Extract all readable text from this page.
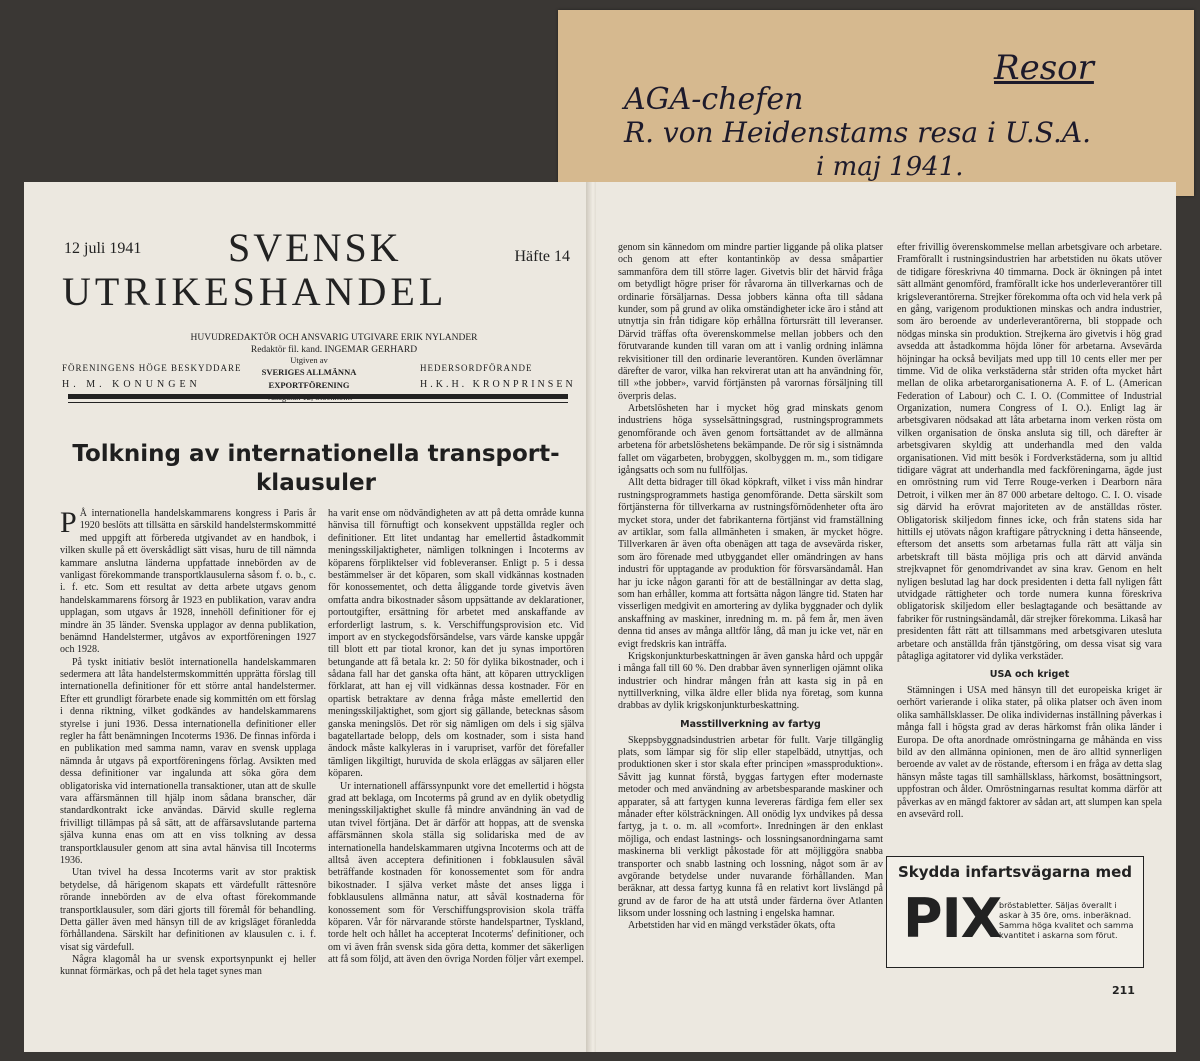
Resor
AGA-chefen
R. von Heidenstams resa i U.S.A.
i maj 1941.
12 juli 1941	Häfte 14
SVENSK
UTRIKESHANDEL
HUVUDREDAKTÖR OCH ANSVARIG UTGIVARE ERIK NYLANDER
Redaktör fil. kand. INGEMAR GERHARD
FÖRENINGENS HÖGE BESKYDDARE
H. M. KONUNGEN
Utgiven av
SVERIGES ALLMÄNNA EXPORTFÖRENING
HEDERSORDFÖRANDE
H.K.H. KRONPRINSEN
Tolkning av internationella transport-klausuler

P Å internationella handelskammarens kongress i Paris år 1920 beslöts att tillsätta en särskild handelstermskommitté med uppgift att förbereda utgivandet av en handbok, i vilken skulle på ett överskådligt sätt visas, huru de till nämnda kammare anslutna länderna uppfattade innebörden av de vanligast förekommande transportklausulerna såsom f. o. b., c. i. f. etc. Som ett resultat av detta arbete utgavs genom handelskammarens försorg år 1923 en publikation, varav andra upplagan, som utgavs år 1928, innehöll definitioner för ej mindre än 35 länder. Svenska upplagor av denna publikation, benämnd Handelstermer, utgåvos av exportföreningen 1927 och 1928.

På tyskt initiativ beslöt internationella handelskammaren sedermera att låta handelstermskommittén upprätta förslag till internationella definitioner för ett större antal handelstermer. Efter ett grundligt förarbete enade sig kommittén om ett förslag i denna riktning, vilket godkändes av handelskammarens styrelse i juni 1936. Dessa internationella definitioner eller regler ha fått benämningen Incoterms 1936. De finnas införda i en publikation med samma namn, varav en svensk upplaga nämnda år utgavs på exportföreningens förlag. Avsikten med dessa definitioner var ingalunda att söka göra dem obligatoriska vid internationella transaktioner, utan att de skulle vara affärsmännen till hjälp inom sådana branscher, där standardkontrakt icke användas. Därvid skulle reglerna frivilligt tillämpas på så sätt, att de affärsavslutande parterna själva kunna enas om att en viss tolkning av dessa transportklausuler genom att sina avtal hänvisa till Incoterms 1936.

Utan tvivel ha dessa Incoterms varit av stor praktisk betydelse, då härigenom skapats ett värdefullt rättesnöre rörande innebörden av de elva oftast förekommande transportklausuler, som däri gjorts till föremål för behandling. Detta gäller även med hänsyn till de av krigsläget föranledda förhållandena. Särskilt har definitionen av klausulen c. i. f. visat sig värdefull.

Några klagomål ha ur svensk exportsynpunkt ej heller kunnat förmärkas, och på det hela taget synes man

ha varit ense om nödvändigheten av att på detta område kunna hänvisa till förnuftigt och konsekvent uppställda regler och definitioner. Ett litet undantag har emellertid åstadkommit meningsskiljaktigheter, nämligen tolkningen i Incoterms av köparens förpliktelser vid fobleveranser. Enligt p. 5 i dessa bestämmelser är det köparen, som skall vidkännas kostnaden för konossementet, och detta åliggande torde givetvis även omfatta andra bikostnader såsom uppsättande av deklarationer, portoutgifter, ersättning för arbetet med anskaffande av erforderligt lastrum, s. k. Verschiffungsprovision etc. Vid import av en styckegodsförsändelse, vars värde kanske uppgår till blott ett par tiotal kronor, kan det ju synas importören betungande att få betala kr. 2: 50 för dylika bikostnader, och i sådana fall har det ganska ofta hänt, att köparen uttryckligen förklarat, att han ej vill vidkännas dessa kostnader. För en opartisk betraktare av denna fråga måste emellertid den meningsskiljaktighet, som gjort sig gällande, betecknas såsom ganska meningslös. Det rör sig nämligen om dels i sig själva bagatellartade belopp, dels om kostnader, som i sista hand ändock måste kalkyleras in i varupriset, varför det förefaller tämligen likgiltigt, huruvida de skola erläggas av säljaren eller köparen.

Ur internationell affärssynpunkt vore det emellertid i högsta grad att beklaga, om Incoterms på grund av en dylik obetydlig meningsskiljaktighet skulle få mindre användning än vad de utan tvivel förtjäna. Det är därför att hoppas, att de svenska affärsmännen skola ställa sig solidariska med de av internationella handelskammaren utgivna Incoterms och att de alltså även acceptera definitionen i fobklausulen såväl beträffande kostnaden för konossementet som för andra bikostnader. I själva verket måste det anses ligga i fobklausulens allmänna natur, att såväl kostnaderna för konossement som för Verschiffungsprovision skola träffa köparen. Vår för närvarande störste handelspartner, Tyskland, torde helt och hållet ha accepterat Incoterms' definitioner, och om vi även från svensk sida göra detta, kommer det säkerligen att få som följd, att även den övriga Norden följer vårt exempel.

genom sin kännedom om mindre partier liggande på olika platser och genom att efter kontantinköp av dessa småpartier sammanföra dem till större lager. Givetvis blir det härvid fråga om betydligt högre priser för råvarorna än tillverkarnas och de ordinarie försäljarnas. Dessa jobbers känna ofta till sådana kunder, som på grund av olika omständigheter icke äro i stånd att utnyttja sin från tidigare köp erhållna förtursrätt till leveranser. Därvid träffas ofta överenskommelse mellan jobbers och den förutvarande kunden till varan om att i vanlig ordning inlämna rekvisitioner till den ordinarie leverantören. Kunden överlämnar därefter de varor, vilka han rekvirerat utan att ha användning för, till »the jobber», varvid förtjänsten på varornas försäljning till överpris delas.

Arbetslösheten har i mycket hög grad minskats genom industriens höga sysselsättningsgrad, rustningsprogrammets genomförande och även genom fortsättandet av de allmänna arbetena för arbetslöshetens bekämpande. De rör sig i sistnämnda fallet om vägarbeten, brobyggen, skolbyggen m. m., som tidigare igångsatts och som nu fullföljas.

Allt detta bidrager till ökad köpkraft, vilket i viss mån hindrar rustningsprogrammets hastiga genomförande. Detta särskilt som förtjänsterna för tillverkarna av rustningsförnödenheter ofta äro mycket stora, under det fabrikanterna förtjänst vid framställning av artiklar, som falla allmänheten i smaken, är mycket högre. Tillverkaren är även ofta obenägen att taga de avsevärda risker, som äro förenade med utbyggandet eller omändringen av hans industri för upptagande av produktion för försvarsändamål. Han har ju icke någon garanti för att de beställningar av detta slag, som han erhåller, komma att fortsätta någon längre tid. Staten har visserligen medgivit en amortering av dylika byggnader och dylik anskaffning av maskiner, inredning m. m. på fem år, men även denna tid anses av många alltför lång, då man ju icke vet, när en evigt fredskris kan inträffa.

Krigskonjunkturbeskattningen är även ganska hård och uppgår i många fall till 60 %. Den drabbar även synnerligen ojämnt olika industrier och hindrar mången från att kasta sig in på en nyttillverkning, vilka äldre eller blida nya företag, som kunna drabbas av dylik krigskonjunkturbeskattning.

Masstillverkning av fartyg

Skeppsbyggnadsindustrien arbetar för fullt. Varje tillgänglig plats, som lämpar sig för slip eller stapelbädd, utnyttjas, och produktionen sker i stor skala efter principen »massproduktion». Såvitt jag kunnat förstå, byggas fartygen efter modernaste metoder och med användning av arbetsbesparande maskiner och apparater, så att fartygen kunna levereras färdiga fem eller sex månader efter kölsträckningen. All onödig lyx undvikes på dessa fartyg, ja t. o. m. all »comfort». Inredningen är den enklast möjliga, och endast lastnings- och lossningsanordningarna samt maskinerna bli verkligt påkostade för att möjliggöra snabba transporter och snabb lastning och lossning, något som är av avgörande betydelse under nuvarande förhållanden. Man beräknar, att dessa fartyg kunna få en relativt kort livslängd på grund av de faror de ha att utstå under färderna över Atlanten liksom under lossning och lastning i engelska hamnar.

Arbetstiden har vid en mängd verkstäder ökats, ofta

efter frivillig överenskommelse mellan arbetsgivare och arbetare. Framförallt i rustningsindustrien har arbetstiden nu ökats utöver de tidigare föreskrivna 40 timmarna. Dock är ökningen på intet sätt allmänt genomförd, framförallt icke hos underleverantörer till krigsleverantörerna. Strejker förekomma ofta och vid hela verk på en gång, varigenom produktionen minskas och andra industrier, som äro beroende av underleverantörerna, bli stoppade och nödgas minska sin produktion. Strejkerna äro givetvis i hög grad avsedda att åstadkomma höjda löner för arbetarna. Avsevärda höjningar ha också beviljats med upp till 10 cents eller mer per timme. Vid de olika verkstäderna står striden ofta mycket hårt mellan de olika arbetarorganisationerna A. F. of L. (American Federation of Labour) och C. I. O. (Committee of Industrial Organization, numera Congress of I. O.). Enligt lag är arbetsgivaren nödsakad att låta arbetarna inom verken rösta om vilken organisation de önska ansluta sig till, och därefter är arbetsgivaren skyldig att underhandla med den valda organisationen. Vid mitt besök i Fordverkstäderna, som ju alltid tidigare vägrat att underhandla med fackföreningarna, ägde just en omröstning rum vid Terre Rouge-verken i Dearborn nära Detroit, i vilken mer än 87 000 arbetare deltogo. C. I. O. visade sig därvid ha erövrat majoriteten av de anställdas röster. Obligatorisk skiljedom finnes icke, och från statens sida har hittills ej utövats någon kraftigare påtryckning i detta hänseende, eftersom det ansetts som arbetarnas fulla rätt att välja sin arbetskraft till bästa möjliga pris och att därvid använda strejkvapnet för genomdrivandet av sina krav. Genom en helt nyligen beslutad lag har dock presidenten i detta fall nyligen fått utvidgade rättigheter och torde numera kunna föreskriva obligatorisk skiljedom eller beslagtagande och besättande av fabriker för rustningsändamål, där strejker förekomma. Likaså har presidenten fått rätt att tillsammans med arbetsgivaren utesluta arbetare och anställda från tjänstgöring, om dessa visat sig vara påtagliga agitatorer vid dylika verkstäder.

USA och kriget

Stämningen i USA med hänsyn till det europeiska kriget är oerhört varierande i olika stater, på olika platser och även inom olika samhällsklasser. De olika individernas inställning påverkas i många fall i högsta grad av deras härkomst från olika länder i Europa. De ofta anordnade omröstningarna ge måhända en viss bild av den allmänna opinionen, men de äro alltid synnerligen beroende av valet av de röstande, eftersom i en fråga av detta slag hänsyn måste tagas till samhällsklass, härkomst, bosättningsort, uppfostran och ålder. Omröstningarnas resultat komma därför att påverkas av en mängd faktorer av sådan art, att slumpen kan spela en avsevärd roll.

Skydda infartsvägarna med
PIX
bröstabletter. Säljas överallt i askar à 35 öre, oms. inberäknad. Samma höga kvalitet och samma kvantitet i askarna som förut.
211
